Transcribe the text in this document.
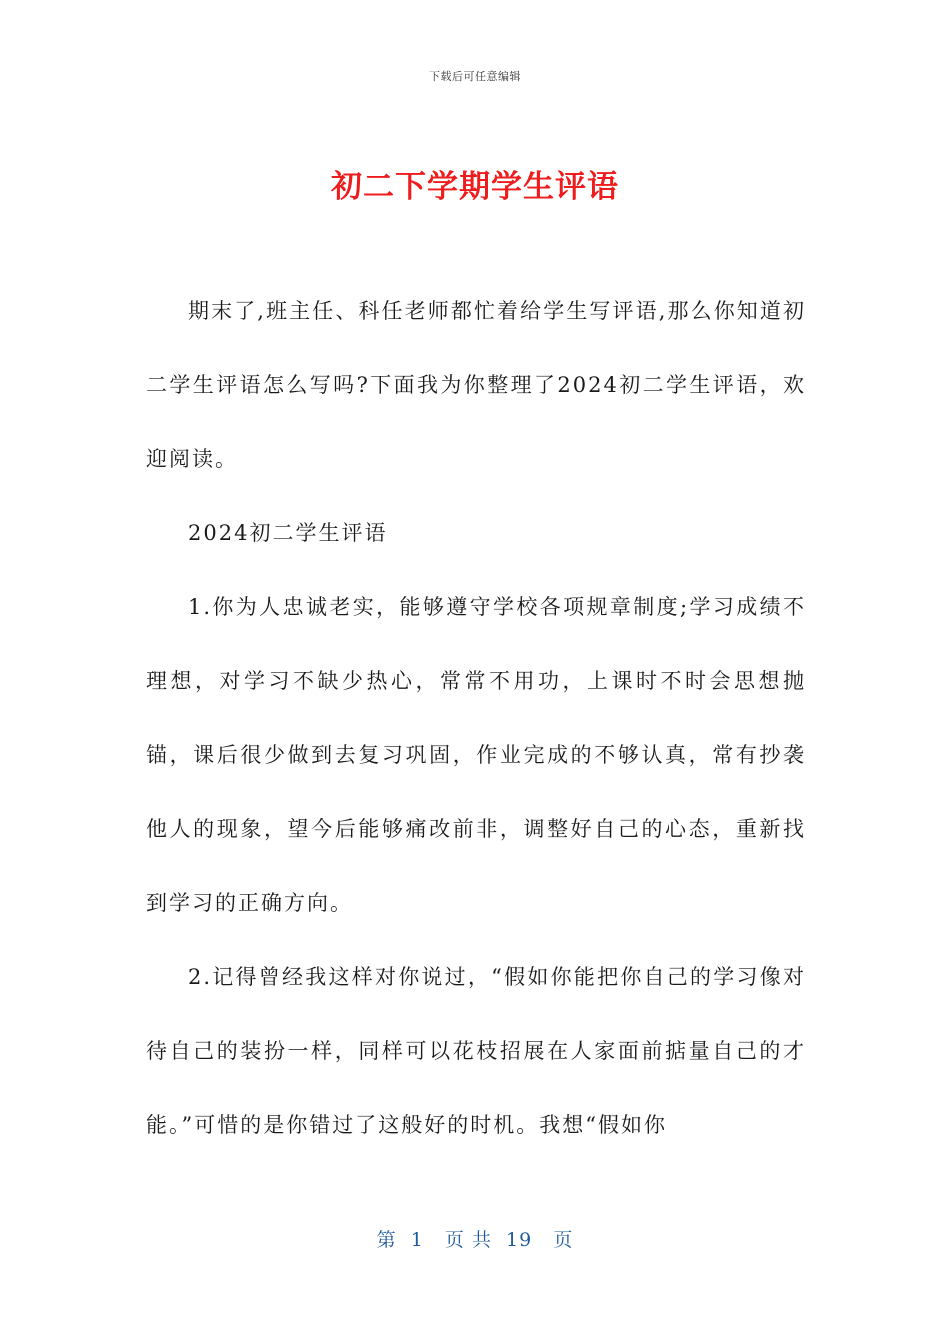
下载后可任意编辑
初二下学期学生评语

期末了,班主任、科任老师都忙着给学生写评语,那么你知道初二学生评语怎么写吗?下面我为你整理了2024初二学生评语，欢迎阅读。

2024初二学生评语

1.你为人忠诚老实，能够遵守学校各项规章制度;学习成绩不理想，对学习不缺少热心，常常不用功，上课时不时会思想抛锚，课后很少做到去复习巩固，作业完成的不够认真，常有抄袭他人的现象，望今后能够痛改前非，调整好自己的心态，重新找到学习的正确方向。

2.记得曾经我这样对你说过，“假如你能把你自己的学习像对待自己的装扮一样，同样可以花枝招展在人家面前掂量自己的才能。”可惜的是你错过了这般好的时机。我想“假如你

第  1   页 共  19   页
